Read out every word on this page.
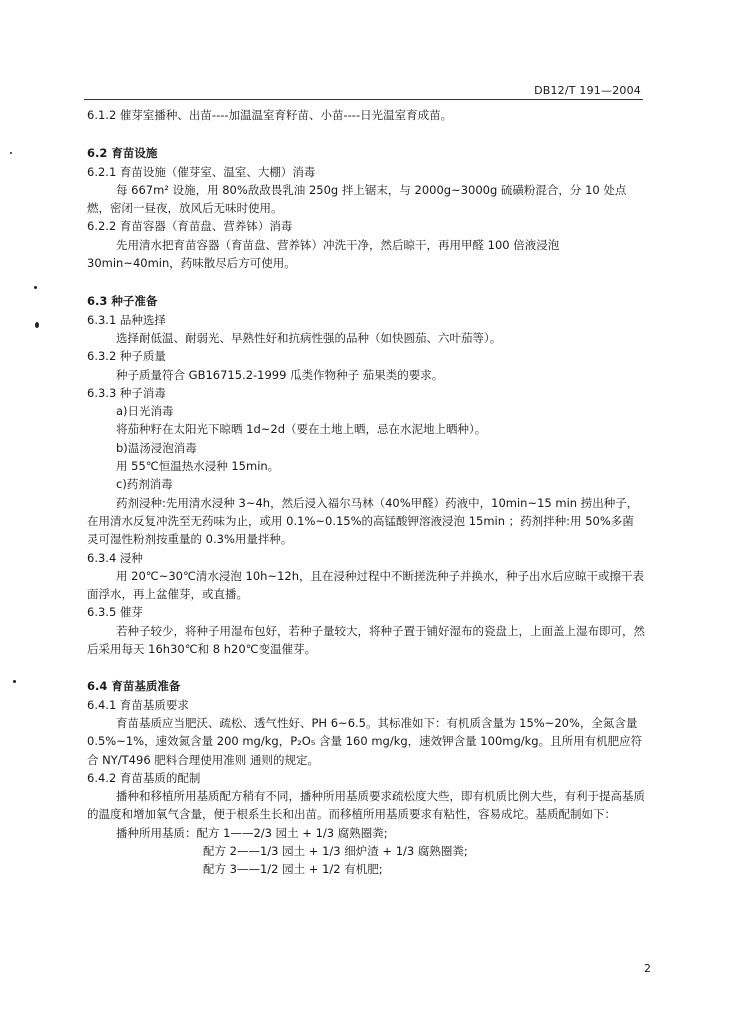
DB12/T 191—2004
6.1.2 催芽室播种、出苗----加温温室育籽苗、小苗----日光温室育成苗。
6.2 育苗设施
6.2.1 育苗设施（催芽室、温室、大棚）消毒
每 667m² 设施，用 80%敌敌畏乳油 250g 拌上锯末，与 2000g~3000g 硫磺粉混合，分 10 处点燃，密闭一昼夜，放风后无味时使用。
6.2.2 育苗容器（育苗盘、营养钵）消毒
先用清水把育苗容器（育苗盘、营养钵）冲洗干净，然后晾干，再用甲醛 100 倍液浸泡 30min~40min，药味散尽后方可使用。
6.3 种子准备
6.3.1 品种选择
选择耐低温、耐弱光、早熟性好和抗病性强的品种（如快圆茄、六叶茄等）。
6.3.2 种子质量
种子质量符合 GB16715.2-1999 瓜类作物种子 茄果类的要求。
6.3.3 种子消毒
a)日光消毒
将茄种籽在太阳光下晾晒 1d~2d（要在土地上晒，忌在水泥地上晒种）。
b)温汤浸泡消毒
用 55℃恒温热水浸种 15min。
c)药剂消毒
药剂浸种:先用清水浸种 3~4h，然后浸入福尔马林（40%甲醛）药液中，10min~15 min 捞出种子，在用清水反复冲洗至无药味为止，或用 0.1%~0.15%的高锰酸钾溶液浸泡 15min ；药剂拌种:用 50%多菌灵可湿性粉剂按重量的 0.3%用量拌种。
6.3.4 浸种
用 20℃~30℃清水浸泡 10h~12h，且在浸种过程中不断搓洗种子并换水，种子出水后应晾干或擦干表面浮水，再上盆催芽，或直播。
6.3.5 催芽
若种子较少，将种子用湿布包好，若种子量较大，将种子置于铺好湿布的瓷盘上，上面盖上湿布即可，然后采用每天 16h30℃和 8 h20℃变温催芽。
6.4 育苗基质准备
6.4.1 育苗基质要求
育苗基质应当肥沃、疏松、透气性好、PH 6~6.5。其标准如下：有机质含量为 15%~20%，全氮含量 0.5%~1%，速效氮含量 200 mg/kg，P₂O₅ 含量 160 mg/kg，速效钾含量 100mg/kg。且所用有机肥应符合 NY/T496 肥料合理使用准则 通则的规定。
6.4.2 育苗基质的配制
播种和移植所用基质配方稍有不同，播种所用基质要求疏松度大些，即有机质比例大些，有利于提高基质的温度和增加氧气含量，便于根系生长和出苗。而移植所用基质要求有粘性，容易成坨。基质配制如下：
播种所用基质：配方 1——2/3 园土 + 1/3 腐熟圈粪;
配方 2——1/3 园土 + 1/3 细炉渣 + 1/3 腐熟圈粪;
配方 3——1/2 园土 + 1/2 有机肥;
2
